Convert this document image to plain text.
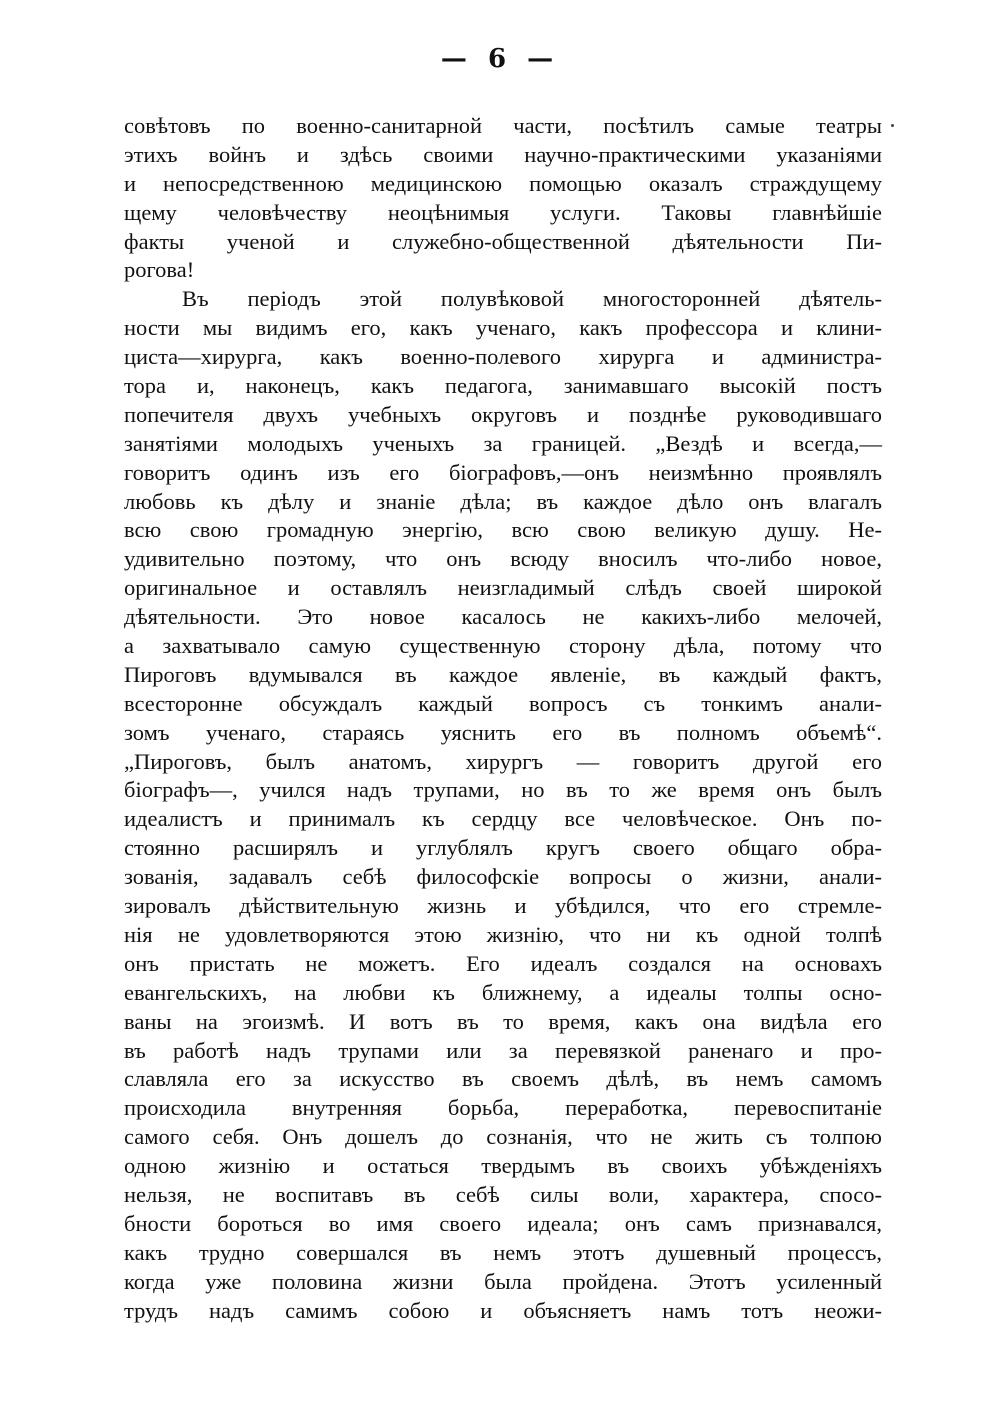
— 6 —
совѣтовъ по военно-санитарной части, посѣтилъ самые театры
этихъ войнъ и здѣсь своими научно-практическими указаніями
и непосредственною медицинскою помощью оказалъ страждущему
щему человѣчеству неоцѣнимыя услуги. Таковы главнѣйшіе
факты ученой и служебно-общественной дѣятельности Пи-
рогова!
Въ періодъ этой полувѣковой многосторонней дѣятель-
ности мы видимъ его, какъ ученаго, какъ профессора и клини-
циста—хирурга, какъ военно-полевого хирурга и администра-
тора и, наконецъ, какъ педагога, занимавшаго высокій постъ
попечителя двухъ учебныхъ округовъ и позднѣе руководившаго
занятіями молодыхъ ученыхъ за границей. „Вездѣ и всегда,—
говоритъ одинъ изъ его біографовъ,—онъ неизмѣнно проявлялъ
любовь къ дѣлу и знаніе дѣла; въ каждое дѣло онъ влагалъ
всю свою громадную энергію, всю свою великую душу. Не-
удивительно поэтому, что онъ всюду вносилъ что-либо новое,
оригинальное и оставлялъ неизгладимый слѣдъ своей широкой
дѣятельности. Это новое касалось не какихъ-либо мелочей,
а захватывало самую существенную сторону дѣла, потому что
Пироговъ вдумывался въ каждое явленіе, въ каждый фактъ,
всесторонне обсуждалъ каждый вопросъ съ тонкимъ анали-
зомъ ученаго, стараясь уяснить его въ полномъ объемѣ“.
„Пироговъ, былъ анатомъ, хирургъ — говоритъ другой его
біографъ—, учился надъ трупами, но въ то же время онъ былъ
идеалистъ и принималъ къ сердцу все человѣческое. Онъ по-
стоянно расширялъ и углублялъ кругъ своего общаго обра-
зованія, задавалъ себѣ философскіе вопросы о жизни, анали-
зировалъ дѣйствительную жизнь и убѣдился, что его стремле-
нія не удовлетворяются этою жизнію, что ни къ одной толпѣ
онъ пристать не можетъ. Его идеалъ создался на основахъ
евангельскихъ, на любви къ ближнему, а идеалы толпы осно-
ваны на эгоизмѣ. И вотъ въ то время, какъ она видѣла его
въ работѣ надъ трупами или за перевязкой раненаго и про-
славляла его за искусство въ своемъ дѣлѣ, въ немъ самомъ
происходила внутренняя борьба, переработка, перевоспитаніе
самого себя. Онъ дошелъ до сознанія, что не жить съ толпою
одною жизнію и остаться твердымъ въ своихъ убѣжденіяхъ
нельзя, не воспитавъ въ себѣ силы воли, характера, спосо-
бности бороться во имя своего идеала; онъ самъ признавался,
какъ трудно совершался въ немъ этотъ душевный процессъ,
когда уже половина жизни была пройдена. Этотъ усиленный
трудъ надъ самимъ собою и объясняетъ намъ тотъ неожи-
